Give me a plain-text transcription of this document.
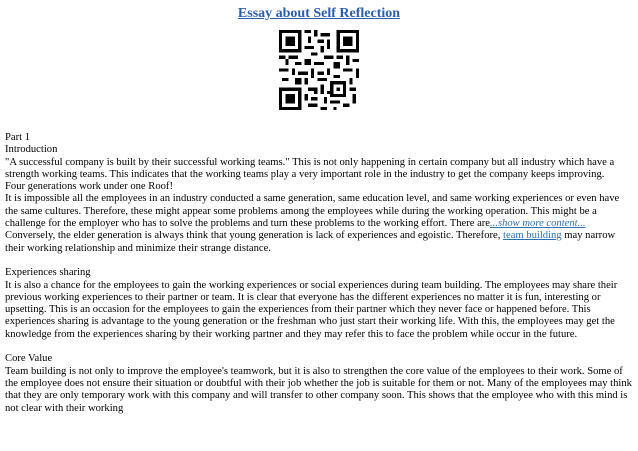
Essay about Self Reflection

Part 1

Introduction

"A successful company is built by their successful working teams." This is not only happening in certain company but all industry which have a strength working teams. This indicates that the working teams play a very important role in the industry to get the company keeps improving.

Four generations work under one Roof!

It is impossible all the employees in an industry conducted a same generation, same education level, and same working experiences or even have the same cultures. Therefore, these might appear some problems among the employees while during the working operation. This might be a challenge for the employer who has to solve the problems and turn these problems to the working effort. There are...show more content...

Conversely, the elder generation is always think that young generation is lack of experiences and egoistic. Therefore, team building may narrow their working relationship and minimize their strange distance.

Experiences sharing

It is also a chance for the employees to gain the working experiences or social experiences during team building. The employees may share their previous working experiences to their partner or team. It is clear that everyone has the different experiences no matter it is fun, interesting or upsetting. This is an occasion for the employees to gain the experiences from their partner which they never face or happened before. This experiences sharing is advantage to the young generation or the freshman who just start their working life. With this, the employees may get the knowledge from the experiences sharing by their working partner and they may refer this to face the problem while occur in the future.

Core Value

Team building is not only to improve the employee's teamwork, but it is also to strengthen the core value of the employees to their work. Some of the employee does not ensure their situation or doubtful with their job whether the job is suitable for them or not. Many of the employees may think that they are only temporary work with this company and will transfer to other company soon. This shows that the employee who with this mind is not clear with their working
